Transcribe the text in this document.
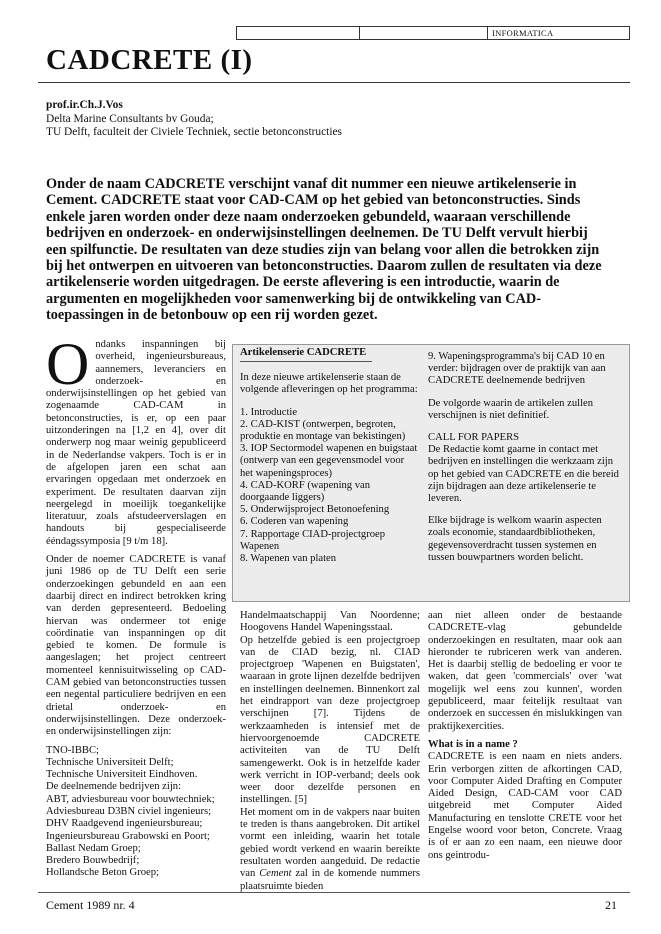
INFORMATICA
CADCRETE (I)
prof.ir.Ch.J.Vos
Delta Marine Consultants bv Gouda;
TU Delft, faculteit der Civiele Techniek, sectie betonconstructies
Onder de naam CADCRETE verschijnt vanaf dit nummer een nieuwe artikelenserie in Cement. CADCRETE staat voor CAD-CAM op het gebied van betonconstructies. Sinds enkele jaren worden onder deze naam onderzoeken gebundeld, waaraan verschillende bedrijven en onderzoek- en onderwijsinstellingen deelnemen. De TU Delft vervult hierbij een spilfunctie. De resultaten van deze studies zijn van belang voor allen die betrokken zijn bij het ontwerpen en uitvoeren van betonconstructies. Daarom zullen de resultaten via deze artikelenserie worden uitgedragen. De eerste aflevering is een introductie, waarin de argumenten en mogelijkheden voor samenwerking bij de ontwikkeling van CAD-toepassingen in de betonbouw op een rij worden gezet.

O ndanks inspanningen bij overheid, ingenieursbureaus, aannemers, leveranciers en onderzoek- en onderwijsinstellingen op het gebied van zogenaamde CAD-CAM in betonconstructies, is er, op een paar uitzonderingen na [1,2 en 4], over dit onderwerp nog maar weinig gepubliceerd in de Nederlandse vakpers. Toch is er in de afgelopen jaren een schat aan ervaringen opgedaan met onderzoek en experiment. De resultaten daarvan zijn neergelegd in moeilijk toegankelijke literatuur, zoals afstudeerverslagen en handouts bij gespecialiseerde ééndagssymposia [9 t/m 18].

Onder de noemer CADCRETE is vanaf juni 1986 op de TU Delft een serie onderzoekingen gebundeld en aan een daarbij direct en indirect betrokken kring van derden gepresenteerd. Bedoeling hiervan was ondermeer tot enige coördinatie van inspanningen op dit gebied te komen. De formule is aangeslagen; het project centreert momenteel kennisuitwisseling op CAD-CAM gebied van betonconstructies tussen een negental particuliere bedrijven en een drietal onderzoek- en onderwijsinstellingen. Deze onderzoek- en onderwijsinstellingen zijn:

TNO-IBBC;
Technische Universiteit Delft;
Technische Universiteit Eindhoven.
De deelnemende bedrijven zijn:
ABT, adviesbureau voor bouwtechniek;
Adviesbureau D3BN civiel ingenieurs;
DHV Raadgevend ingenieursbureau;
Ingenieursbureau Grabowski en Poort;
Ballast Nedam Groep;
Bredero Bouwbedrijf;
Hollandsche Beton Groep;
Artikelenserie CADCRETE
In deze nieuwe artikelenserie staan de volgende afleveringen op het programma:
1. Introductie
2. CAD-KIST (ontwerpen, begroten, produktie en montage van bekistingen)
3. IOP Sectormodel wapenen en buigstaat (ontwerp van een gegevensmodel voor het wapeningsproces)
4. CAD-KORF (wapening van doorgaande liggers)
5. Onderwijsproject Betonoefening
6. Coderen van wapening
7. Rapportage CIAD-projectgroep Wapenen
8. Wapenen van platen
9. Wapeningsprogramma's bij CAD 10 en verder: bijdragen over de praktijk van aan CADCRETE deelnemende bedrijven
De volgorde waarin de artikelen zullen verschijnen is niet definitief.
CALL FOR PAPERS
De Redactie komt gaarne in contact met bedrijven en instellingen die werkzaam zijn op het gebied van CADCRETE en die bereid zijn bijdragen aan deze artikelenserie te leveren.
Elke bijdrage is welkom waarin aspecten zoals economie, standaardbibliotheken, gegevensoverdracht tussen systemen en tussen bouwpartners worden belicht.

Handelmaatschappij Van Noordenne; Hoogovens Handel Wapeningsstaal.

Op hetzelfde gebied is een projectgroep van de CIAD bezig, nl. CIAD projectgroep 'Wapenen en Buigstaten', waaraan in grote lijnen dezelfde bedrijven en instellingen deelnemen. Binnenkort zal het eindrapport van deze projectgroep verschijnen [7]. Tijdens de werkzaamheden is intensief met de hiervoorgenoemde CADCRETE activiteiten van de TU Delft samengewerkt. Ook is in hetzelfde kader werk verricht in IOP-verband; deels ook weer door dezelfde personen en instellingen. [5]

Het moment om in de vakpers naar buiten te treden is thans aangebroken. Dit artikel vormt een inleiding, waarin het totale gebied wordt verkend en waarin bereikte resultaten worden aangeduid. De redactie van Cement zal in de komende nummers plaatsruimte bieden

aan niet alleen onder de bestaande CADCRETE-vlag gebundelde onderzoekingen en resultaten, maar ook aan hieronder te rubriceren werk van anderen. Het is daarbij stellig de bedoeling er voor te waken, dat geen 'commercials' over 'wat mogelijk wel eens zou kunnen', worden gepubliceerd, maar feitelijk resultaat van onderzoek en successen én mislukkingen van praktijkexercities.

What is in a name ?

CADCRETE is een naam en niets anders. Erin verborgen zitten de afkortingen CAD, voor Computer Aided Drafting en Computer Aided Design, CAD-CAM voor CAD uitgebreid met Computer Aided Manufacturing en tenslotte CRETE voor het Engelse woord voor beton, Concrete. Vraag is of er aan zo een naam, een nieuwe door ons geintrodu-

Cement 1989 nr. 4	21
